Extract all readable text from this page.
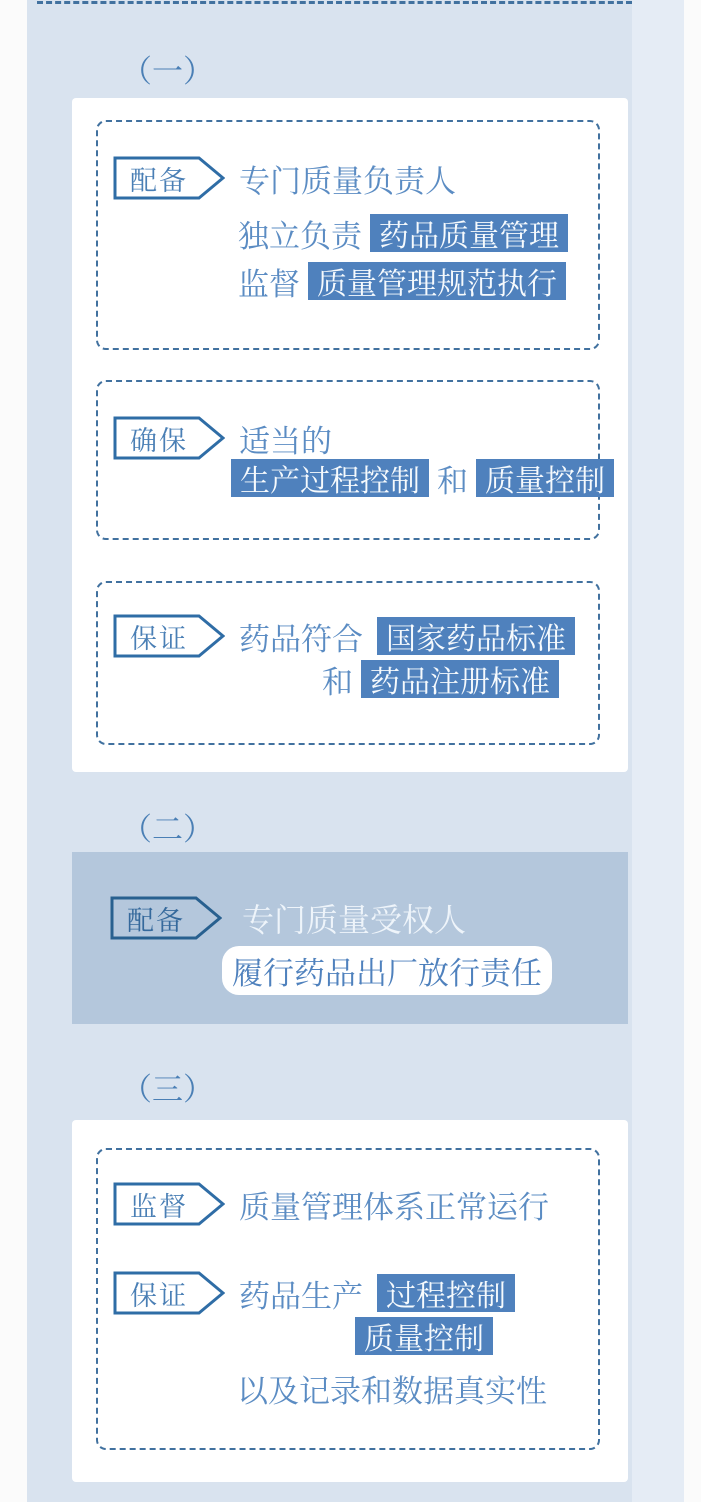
（一）
配备	专门质量负责人
独立负责 药品质量管理
监督 质量管理规范执行
确保	适当的
生产过程控制 和 质量控制
保证	药品符合 国家药品标准
和 药品注册标准
（二）
配备	专门质量受权人
履行药品出厂放行责任
（三）
监督	质量管理体系正常运行
保证	药品生产 过程控制
质量控制
以及记录和数据真实性
